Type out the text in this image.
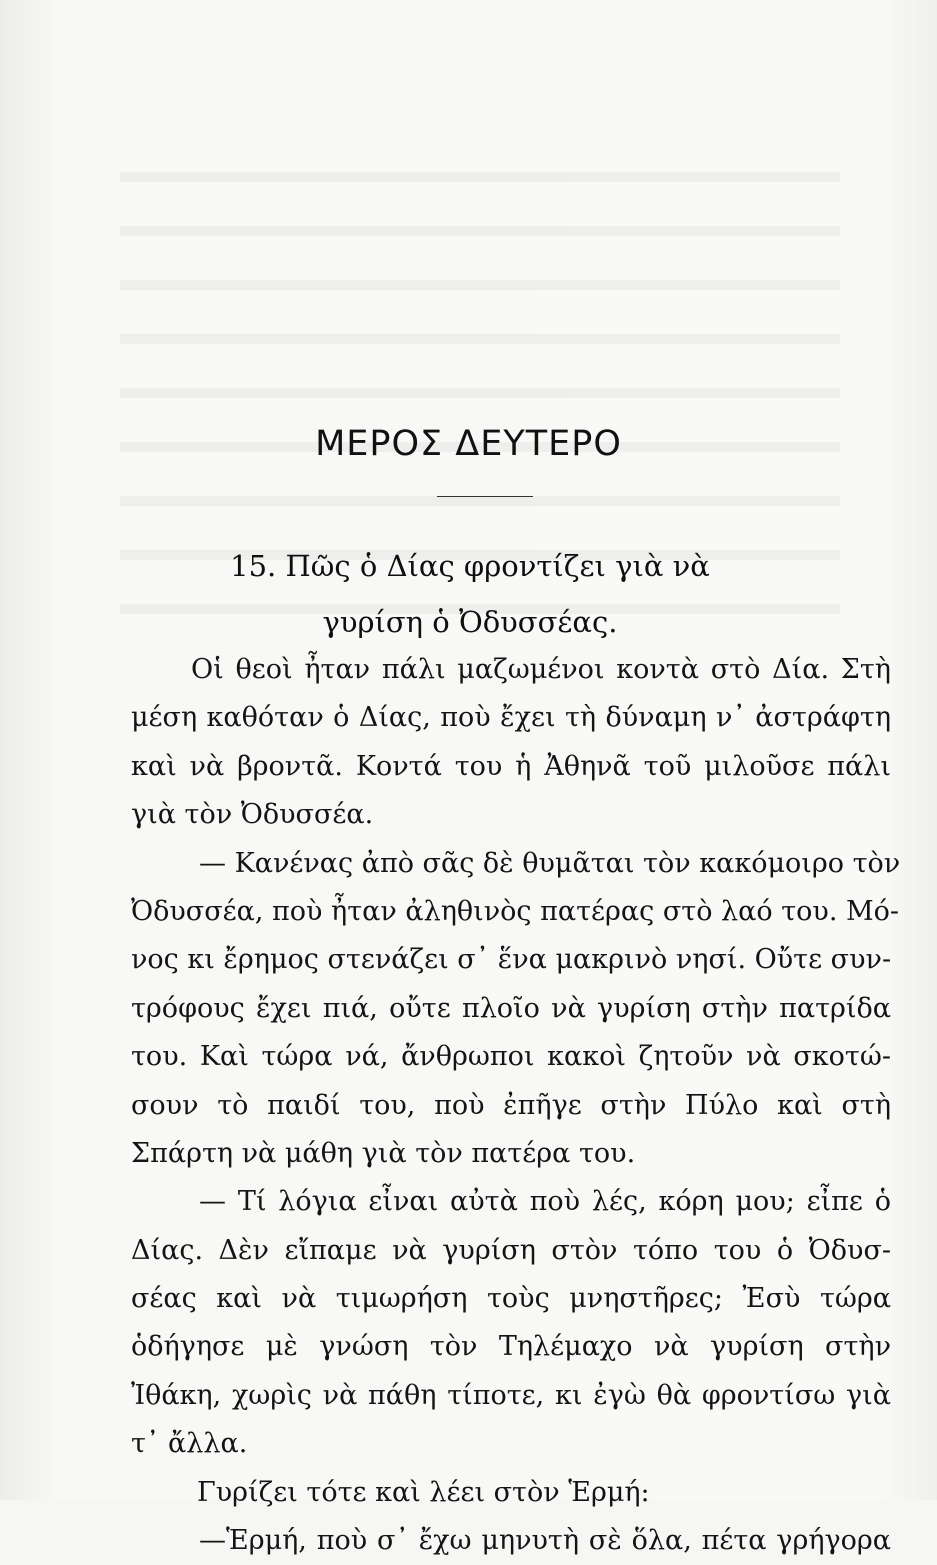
ΜΕΡΟΣ ΔΕΥΤΕΡΟ
15. Πῶς ὁ Δίας φροντίζει γιὰ νὰ
γυρίση ὁ Ὀδυσσέας.
Οἱ θεοὶ ἦταν πάλι μαζωμένοι κοντὰ στὸ Δία. Στὴ
μέση καθόταν ὁ Δίας, ποὺ ἔχει τὴ δύναμη ν᾽ ἀστράφτη
καὶ νὰ βροντᾶ. Κοντά του ἡ Ἀθηνᾶ τοῦ μιλοῦσε πάλι
γιὰ τὸν Ὀδυσσέα.
— Κανένας ἀπὸ σᾶς δὲ θυμᾶται τὸν κακόμοιρο τὸν
Ὀδυσσέα, ποὺ ἦταν ἀληθινὸς πατέρας στὸ λαό του. Μό-
νος κι ἔρημος στενάζει σ᾽ ἕνα μακρινὸ νησί. Οὔτε συν-
τρόφους ἔχει πιά, οὔτε πλοῖο νὰ γυρίση στὴν πατρίδα
του. Καὶ τώρα νά, ἄνθρωποι κακοὶ ζητοῦν νὰ σκοτώ-
σουν τὸ παιδί του, ποὺ ἐπῆγε στὴν Πύλο καὶ στὴ
Σπάρτη νὰ μάθη γιὰ τὸν πατέρα του.
— Τί λόγια εἶναι αὐτὰ ποὺ λές, κόρη μου; εἶπε ὁ
Δίας. Δὲν εἴπαμε νὰ γυρίση στὸν τόπο του ὁ Ὀδυσ-
σέας καὶ νὰ τιμωρήση τοὺς μνηστῆρες; Ἐσὺ τώρα
ὁδήγησε μὲ γνώση τὸν Τηλέμαχο νὰ γυρίση στὴν
Ἰθάκη, χωρὶς νὰ πάθη τίποτε, κι ἐγὼ θὰ φροντίσω γιὰ
τ᾽ ἄλλα.
Γυρίζει τότε καὶ λέει στὸν Ἑρμή:
—Ἑρμή, ποὺ σ᾽ ἔχω μηνυτὴ σὲ ὅλα, πέτα γρήγορα
